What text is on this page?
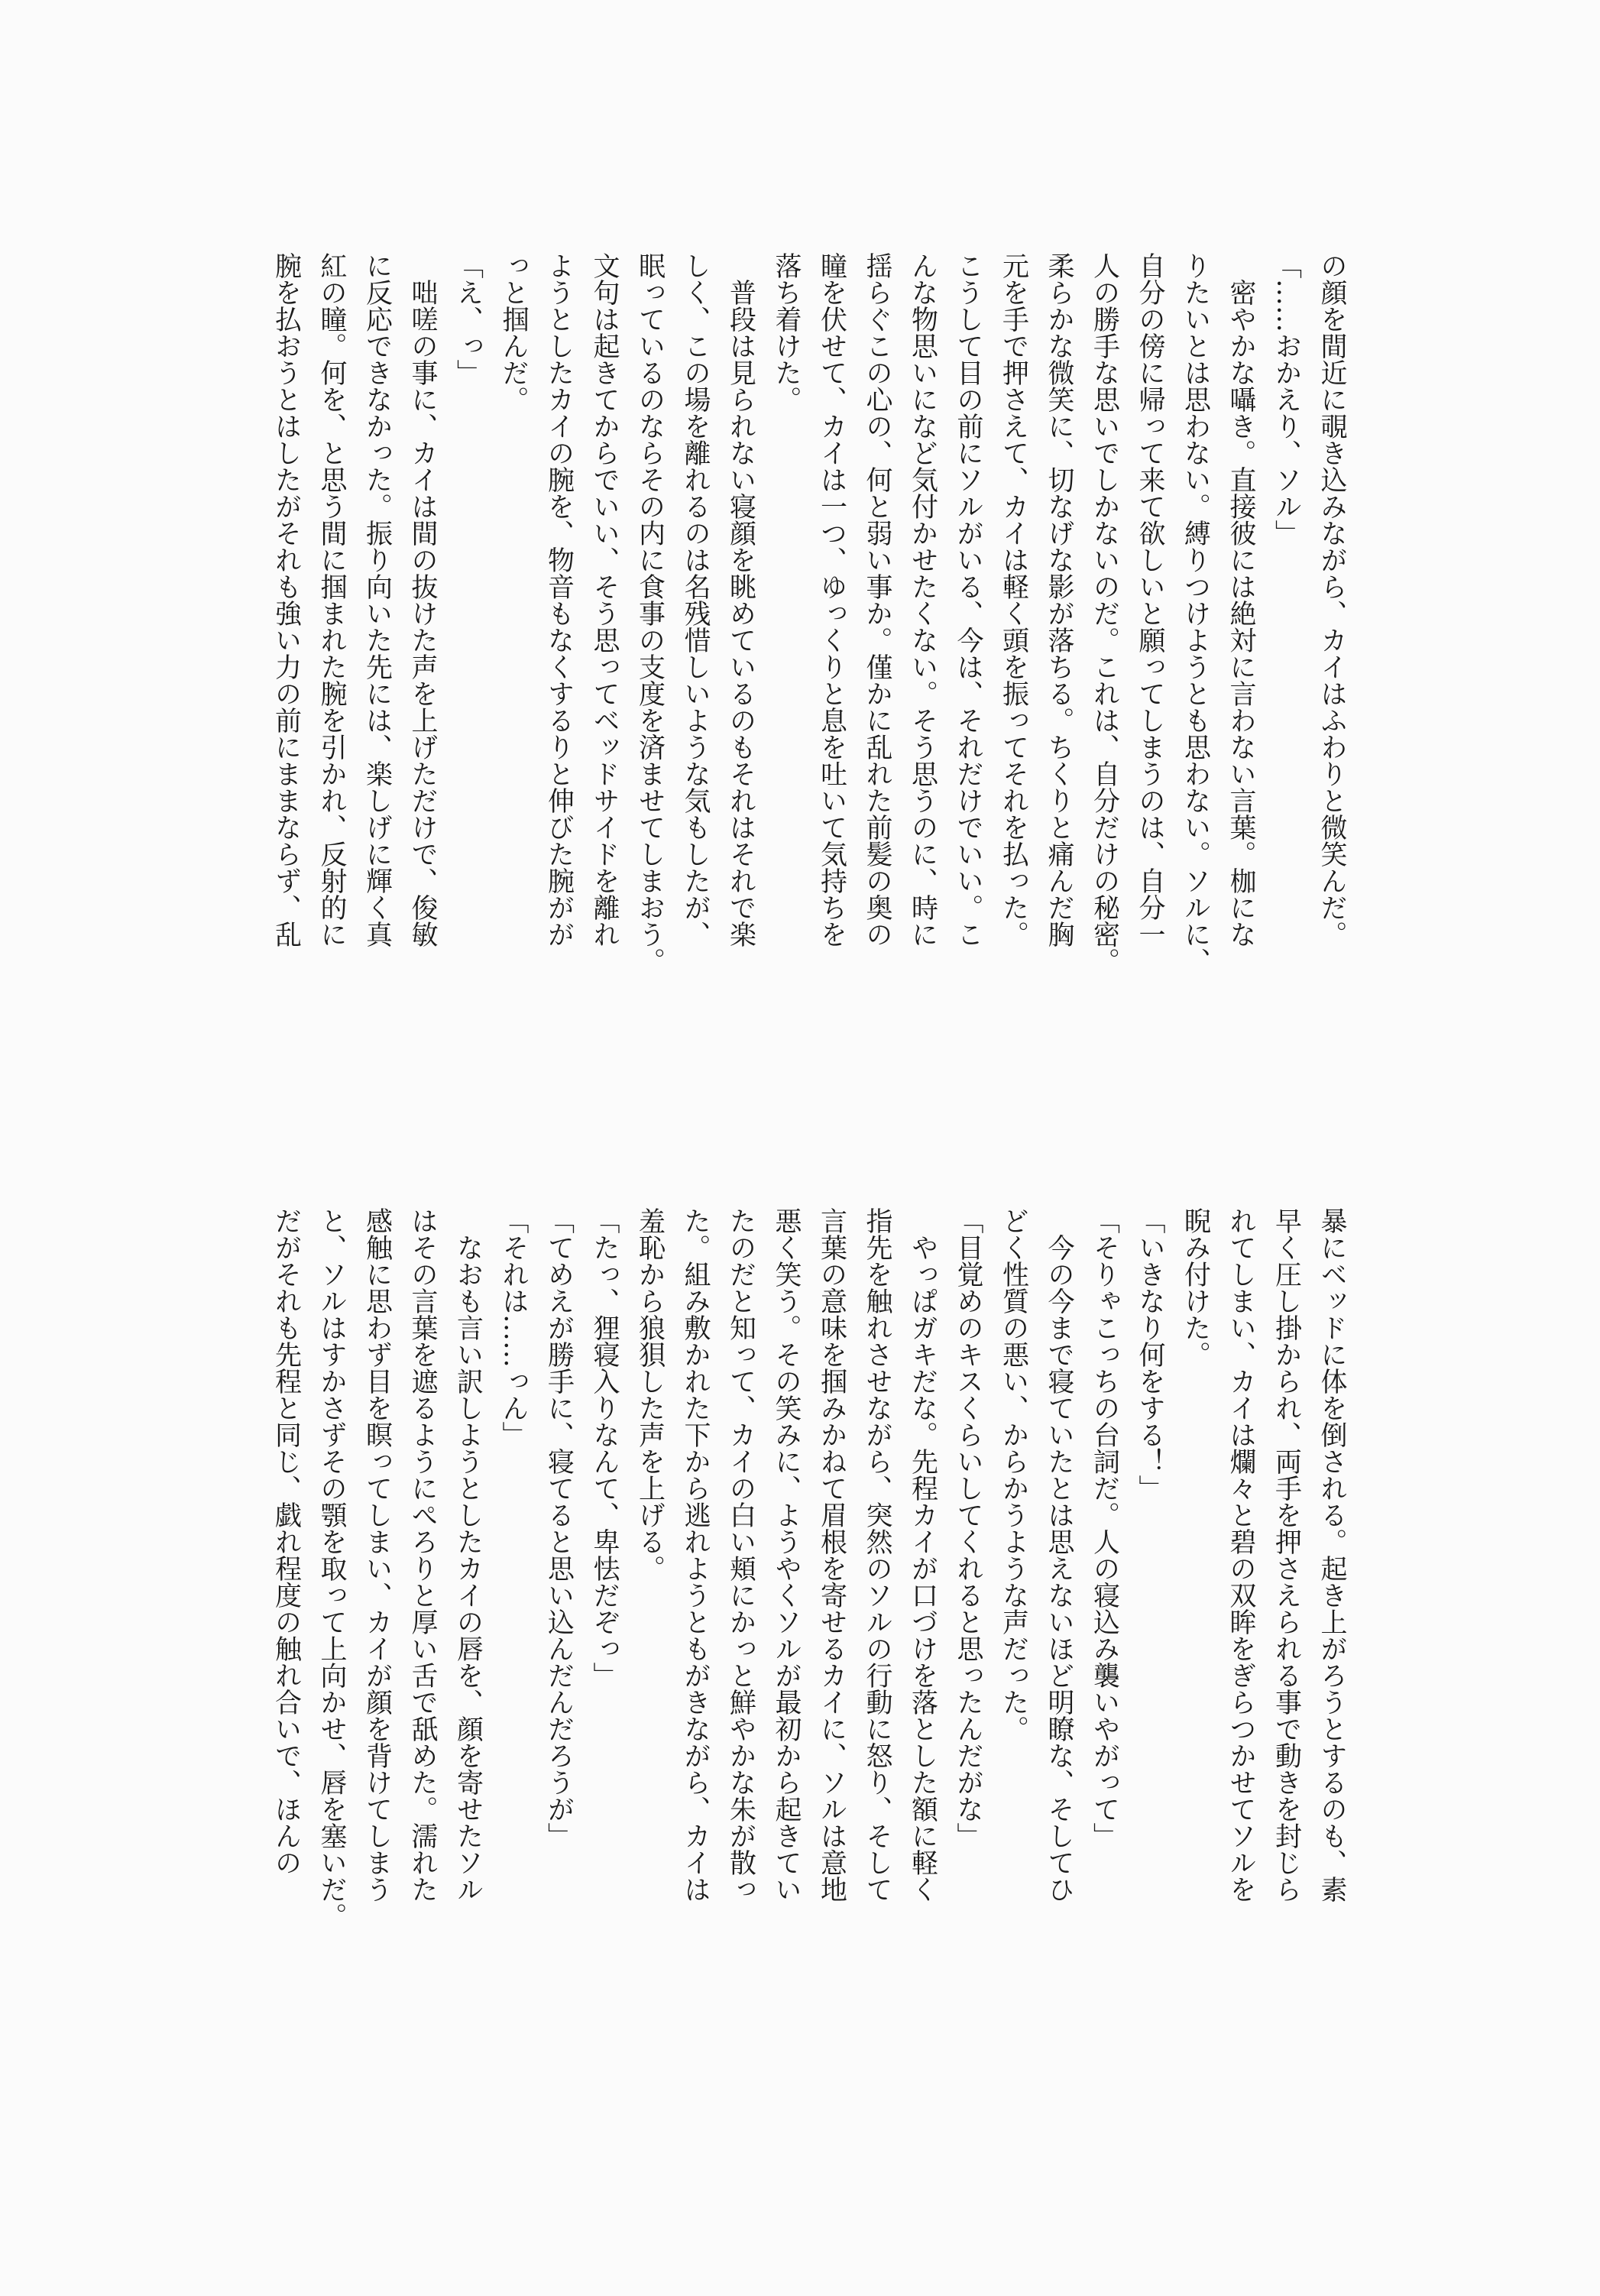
の顔を間近に覗き込みながら、カイはふわりと微笑んだ。
「……おかえり、ソル」
　密やかな囁き。直接彼には絶対に言わない言葉。枷にな
りたいとは思わない。縛りつけようとも思わない。ソルに、
自分の傍に帰って来て欲しいと願ってしまうのは、自分一
人の勝手な思いでしかないのだ。これは、自分だけの秘密。
柔らかな微笑に、切なげな影が落ちる。ちくりと痛んだ胸
元を手で押さえて、カイは軽く頭を振ってそれを払った。
こうして目の前にソルがいる、今は、それだけでいい。こ
んな物思いになど気付かせたくない。そう思うのに、時に
揺らぐこの心の、何と弱い事か。僅かに乱れた前髪の奥の
瞳を伏せて、カイは一つ、ゆっくりと息を吐いて気持ちを
落ち着けた。
　普段は見られない寝顔を眺めているのもそれはそれで楽
しく、この場を離れるのは名残惜しいような気もしたが、
眠っているのならその内に食事の支度を済ませてしまおう。
文句は起きてからでいい、そう思ってベッドサイドを離れ
ようとしたカイの腕を、物音もなくするりと伸びた腕がが
っと掴んだ。
「え、っ」
　咄嗟の事に、カイは間の抜けた声を上げただけで、俊敏
に反応できなかった。振り向いた先には、楽しげに輝く真
紅の瞳。何を、と思う間に掴まれた腕を引かれ、反射的に
腕を払おうとはしたがそれも強い力の前にままならず、乱
暴にベッドに体を倒される。起き上がろうとするのも、素
早く圧し掛かられ、両手を押さえられる事で動きを封じら
れてしまい、カイは爛々と碧の双眸をぎらつかせてソルを
睨み付けた。
「いきなり何をする！」
「そりゃこっちの台詞だ。人の寝込み襲いやがって」
　今の今まで寝ていたとは思えないほど明瞭な、そしてひ
どく性質の悪い、からかうような声だった。
「目覚めのキスくらいしてくれると思ったんだがな」
　やっぱガキだな。先程カイが口づけを落とした額に軽く
指先を触れさせながら、突然のソルの行動に怒り、そして
言葉の意味を掴みかねて眉根を寄せるカイに、ソルは意地
悪く笑う。その笑みに、ようやくソルが最初から起きてい
たのだと知って、カイの白い頬にかっと鮮やかな朱が散っ
た。組み敷かれた下から逃れようともがきながら、カイは
羞恥から狼狽した声を上げる。
「たっ、狸寝入りなんて、卑怯だぞっ」
「てめえが勝手に、寝てると思い込んだんだろうが」
「それは……っん」
　なおも言い訳しようとしたカイの唇を、顔を寄せたソル
はその言葉を遮るようにぺろりと厚い舌で舐めた。濡れた
感触に思わず目を瞑ってしまい、カイが顔を背けてしまう
と、ソルはすかさずその顎を取って上向かせ、唇を塞いだ。
だがそれも先程と同じ、戯れ程度の触れ合いで、ほんの
